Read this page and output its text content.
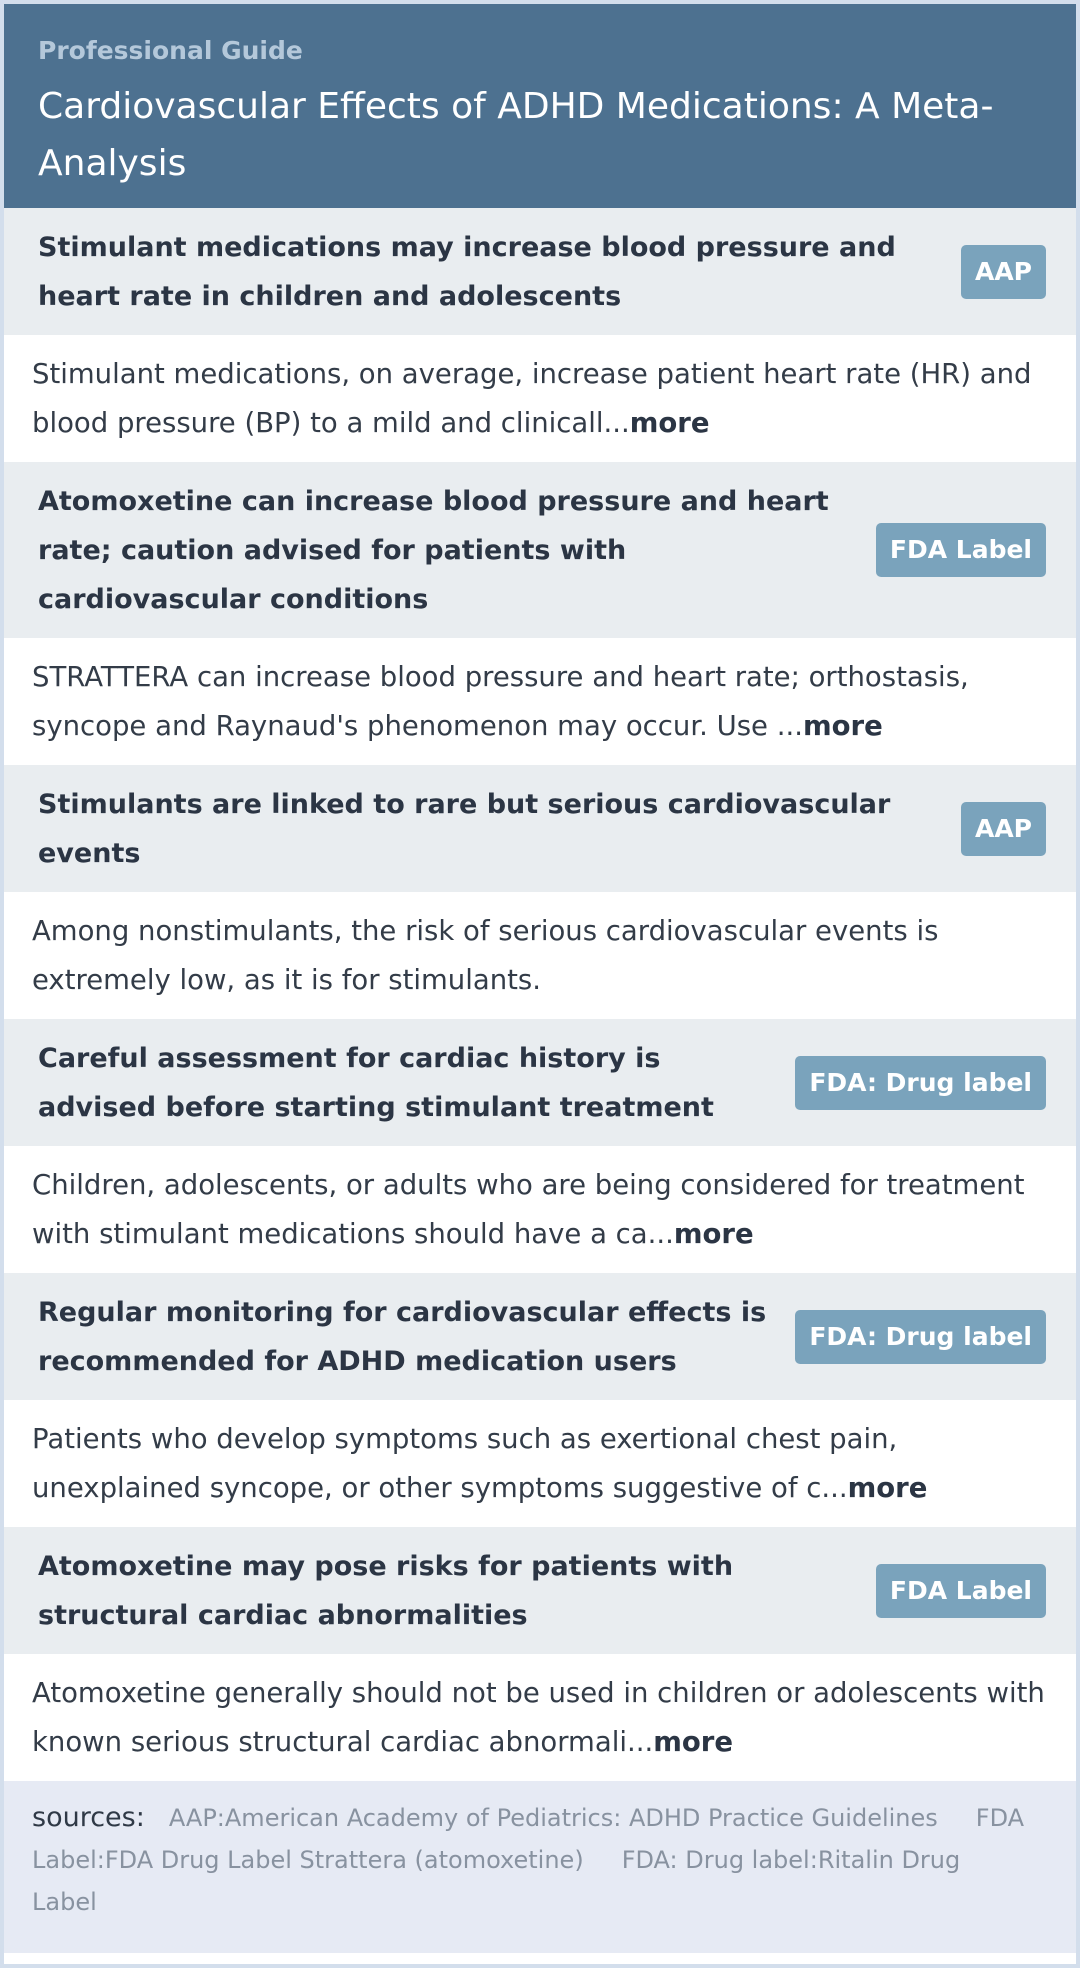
Professional Guide
Cardiovascular Effects of ADHD Medications: A Meta-Analysis
Stimulant medications may increase blood pressure and heart rate in children and adolescents
AAP
Stimulant medications, on average, increase patient heart rate (HR) and blood pressure (BP) to a mild and clinicall...more
Atomoxetine can increase blood pressure and heart rate; caution advised for patients with cardiovascular conditions
FDA Label
STRATTERA can increase blood pressure and heart rate; orthostasis, syncope and Raynaud's phenomenon may occur. Use ...more
Stimulants are linked to rare but serious cardiovascular events
AAP
Among nonstimulants, the risk of serious cardiovascular events is extremely low, as it is for stimulants.
Careful assessment for cardiac history is advised before starting stimulant treatment
FDA: Drug label
Children, adolescents, or adults who are being considered for treatment with stimulant medications should have a ca...more
Regular monitoring for cardiovascular effects is recommended for ADHD medication users
FDA: Drug label
Patients who develop symptoms such as exertional chest pain, unexplained syncope, or other symptoms suggestive of c...more
Atomoxetine may pose risks for patients with structural cardiac abnormalities
FDA Label
Atomoxetine generally should not be used in children or adolescents with known serious structural cardiac abnormali...more
sources: AAP:American Academy of Pediatrics: ADHD Practice Guidelines FDA Label:FDA Drug Label Strattera (atomoxetine) FDA: Drug label:Ritalin Drug Label
